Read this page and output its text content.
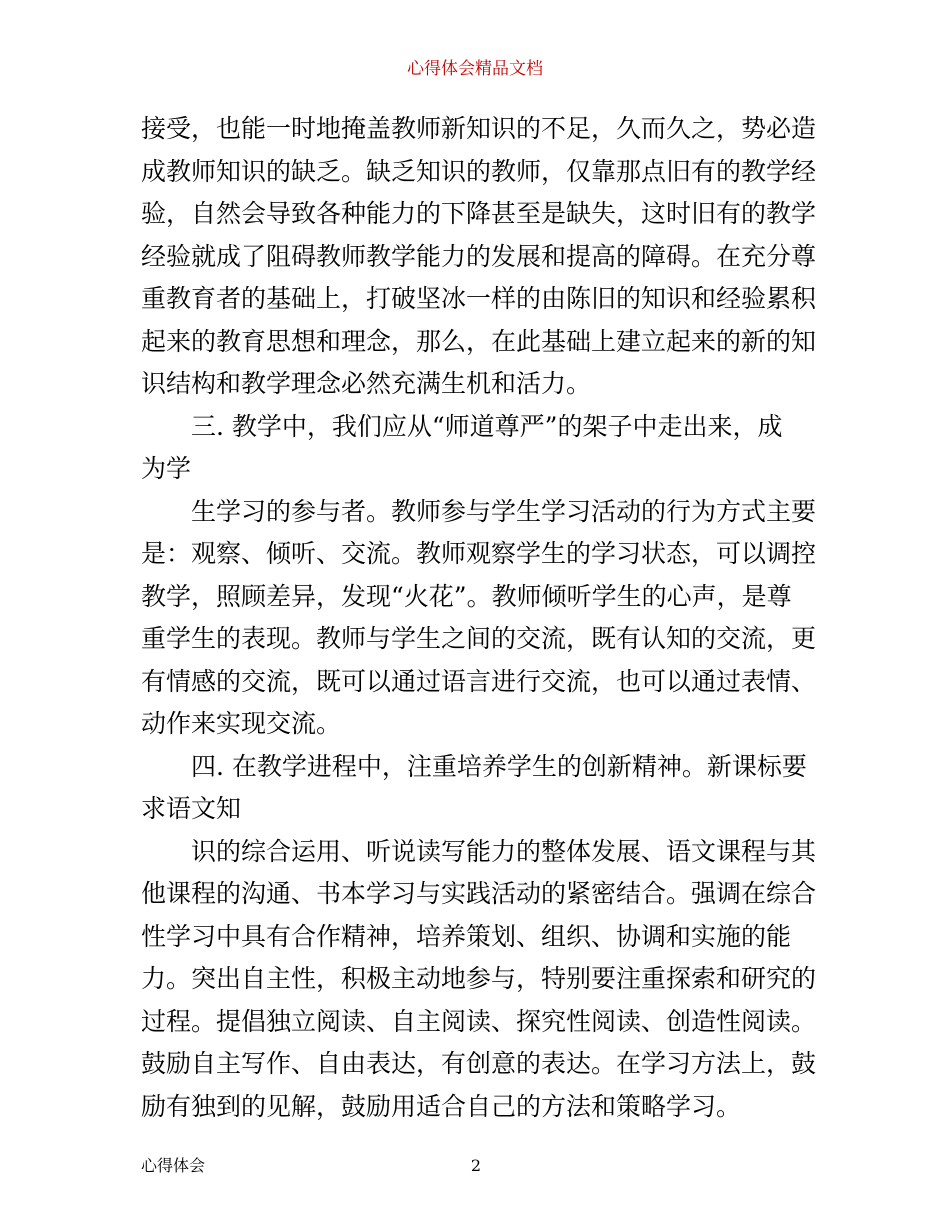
心得体会精品文档
接受，也能一时地掩盖教师新知识的不足，久而久之，势必造
成教师知识的缺乏。缺乏知识的教师，仅靠那点旧有的教学经
验，自然会导致各种能力的下降甚至是缺失，这时旧有的教学
经验就成了阻碍教师教学能力的发展和提高的障碍。在充分尊
重教育者的基础上，打破坚冰一样的由陈旧的知识和经验累积
起来的教育思想和理念，那么，在此基础上建立起来的新的知
识结构和教学理念必然充满生机和活力。
三. 教学中，我们应从“师道尊严”的架子中走出来，成
为学
生学习的参与者。教师参与学生学习活动的行为方式主要
是：观察、倾听、交流。教师观察学生的学习状态，可以调控
教学，照顾差异，发现“火花”。教师倾听学生的心声，是尊
重学生的表现。教师与学生之间的交流，既有认知的交流，更
有情感的交流，既可以通过语言进行交流，也可以通过表情、
动作来实现交流。
四. 在教学进程中，注重培养学生的创新精神。新课标要
求语文知
识的综合运用、听说读写能力的整体发展、语文课程与其
他课程的沟通、书本学习与实践活动的紧密结合。强调在综合
性学习中具有合作精神，培养策划、组织、协调和实施的能
力。突出自主性，积极主动地参与，特别要注重探索和研究的
过程。提倡独立阅读、自主阅读、探究性阅读、创造性阅读。
鼓励自主写作、自由表达，有创意的表达。在学习方法上，鼓
励有独到的见解，鼓励用适合自己的方法和策略学习。
心得体会	2
